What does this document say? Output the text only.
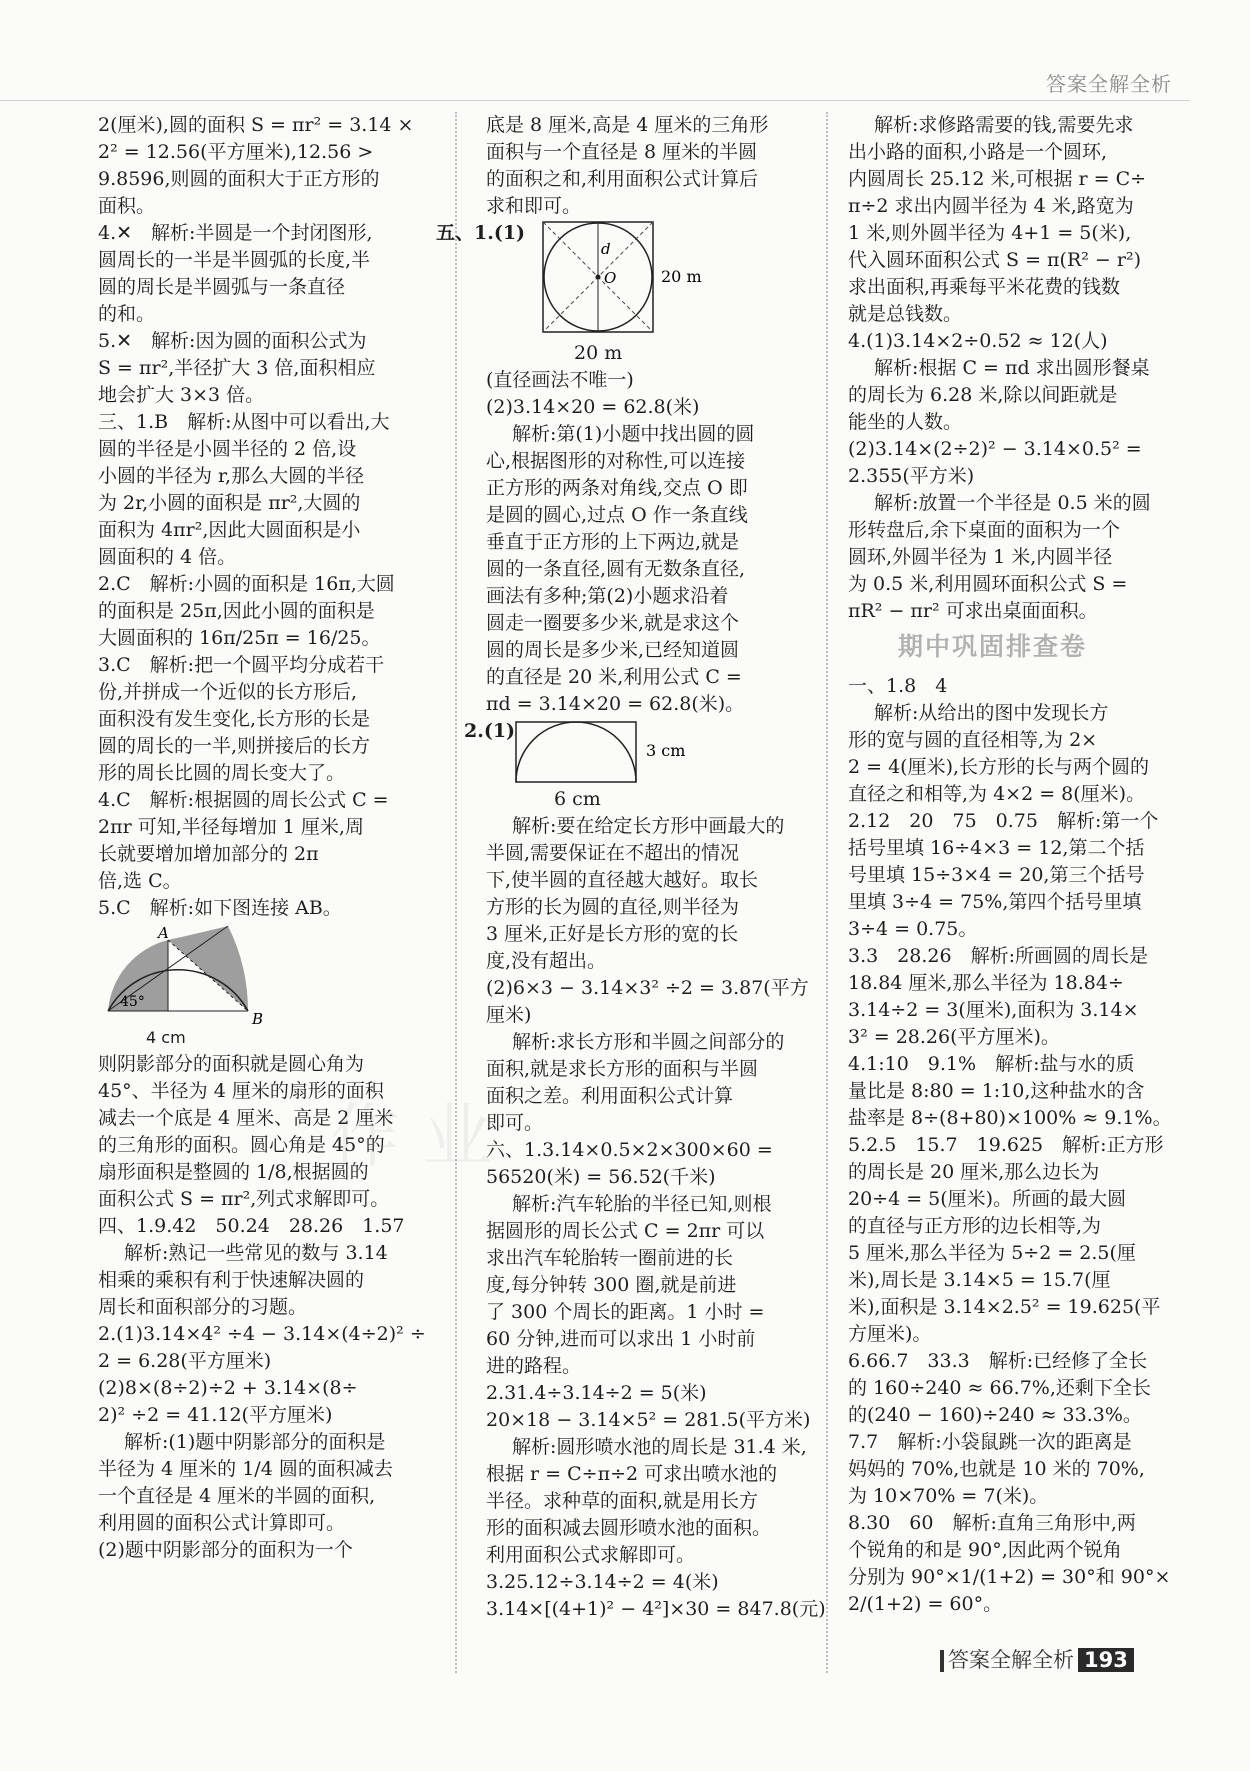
答案全解全析
作 业
2(厘米),圆的面积 S = πr² = 3.14 ×
2² = 12.56(平方厘米),12.56 >
9.8596,则圆的面积大于正方形的
面积。
4.✕　解析:半圆是一个封闭图形,
圆周长的一半是半圆弧的长度,半
圆的周长是半圆弧与一条直径
的和。
5.✕　解析:因为圆的面积公式为
S = πr²,半径扩大 3 倍,面积相应
地会扩大 3×3 倍。
三、1.B　解析:从图中可以看出,大
圆的半径是小圆半径的 2 倍,设
小圆的半径为 r,那么大圆的半径
为 2r,小圆的面积是 πr²,大圆的
面积为 4πr²,因此大圆面积是小
圆面积的 4 倍。
2.C　解析:小圆的面积是 16π,大圆
的面积是 25π,因此小圆的面积是
大圆面积的 16π/25π = 16/25。
3.C　解析:把一个圆平均分成若干
份,并拼成一个近似的长方形后,
面积没有发生变化,长方形的长是
圆的周长的一半,则拼接后的长方
形的周长比圆的周长变大了。
4.C　解析:根据圆的周长公式 C =
2πr 可知,半径每增加 1 厘米,周
长就要增加增加部分的 2π
倍,选 C。
5.C　解析:如下图连接 AB。
A
B
45°
4 cm
则阴影部分的面积就是圆心角为
45°、半径为 4 厘米的扇形的面积
减去一个底是 4 厘米、高是 2 厘米
的三角形的面积。圆心角是 45°的
扇形面积是整圆的 1/8,根据圆的
面积公式 S = πr²,列式求解即可。
四、1.9.42　50.24　28.26　1.57
解析:熟记一些常见的数与 3.14
相乘的乘积有利于快速解决圆的
周长和面积部分的习题。
2.(1)3.14×4² ÷4 − 3.14×(4÷2)² ÷
2 = 6.28(平方厘米)
(2)8×(8÷2)÷2 + 3.14×(8÷
2)² ÷2 = 41.12(平方厘米)
解析:(1)题中阴影部分的面积是
半径为 4 厘米的 1/4 圆的面积减去
一个直径是 4 厘米的半圆的面积,
利用圆的面积公式计算即可。
(2)题中阴影部分的面积为一个
底是 8 厘米,高是 4 厘米的三角形
面积与一个直径是 8 厘米的半圆
的面积之和,利用面积公式计算后
求和即可。
五、1.(1)
d
O	20 m
20 m
(直径画法不唯一)
(2)3.14×20 = 62.8(米)
解析:第(1)小题中找出圆的圆
心,根据图形的对称性,可以连接
正方形的两条对角线,交点 O 即
是圆的圆心,过点 O 作一条直线
垂直于正方形的上下两边,就是
圆的一条直径,圆有无数条直径,
画法有多种;第(2)小题求沿着
圆走一圈要多少米,就是求这个
圆的周长是多少米,已经知道圆
的直径是 20 米,利用公式 C =
πd = 3.14×20 = 62.8(米)。
2.(1)
3 cm
6 cm
解析:要在给定长方形中画最大的
半圆,需要保证在不超出的情况
下,使半圆的直径越大越好。取长
方形的长为圆的直径,则半径为
3 厘米,正好是长方形的宽的长
度,没有超出。
(2)6×3 − 3.14×3² ÷2 = 3.87(平方
厘米)
解析:求长方形和半圆之间部分的
面积,就是求长方形的面积与半圆
面积之差。利用面积公式计算
即可。
六、1.3.14×0.5×2×300×60 =
56520(米) = 56.52(千米)
解析:汽车轮胎的半径已知,则根
据圆形的周长公式 C = 2πr 可以
求出汽车轮胎转一圈前进的长
度,每分钟转 300 圈,就是前进
了 300 个周长的距离。1 小时 =
60 分钟,进而可以求出 1 小时前
进的路程。
2.31.4÷3.14÷2 = 5(米)
20×18 − 3.14×5² = 281.5(平方米)
解析:圆形喷水池的周长是 31.4 米,
根据 r = C÷π÷2 可求出喷水池的
半径。求种草的面积,就是用长方
形的面积减去圆形喷水池的面积。
利用面积公式求解即可。
3.25.12÷3.14÷2 = 4(米)
3.14×[(4+1)² − 4²]×30 = 847.8(元)
解析:求修路需要的钱,需要先求
出小路的面积,小路是一个圆环,
内圆周长 25.12 米,可根据 r = C÷
π÷2 求出内圆半径为 4 米,路宽为
1 米,则外圆半径为 4+1 = 5(米),
代入圆环面积公式 S = π(R² − r²)
求出面积,再乘每平米花费的钱数
就是总钱数。
4.(1)3.14×2÷0.52 ≈ 12(人)
解析:根据 C = πd 求出圆形餐桌
的周长为 6.28 米,除以间距就是
能坐的人数。
(2)3.14×(2÷2)² − 3.14×0.5² =
2.355(平方米)
解析:放置一个半径是 0.5 米的圆
形转盘后,余下桌面的面积为一个
圆环,外圆半径为 1 米,内圆半径
为 0.5 米,利用圆环面积公式 S =
πR² − πr² 可求出桌面面积。
期中巩固排查卷
一、1.8　4
解析:从给出的图中发现长方
形的宽与圆的直径相等,为 2×
2 = 4(厘米),长方形的长与两个圆的
直径之和相等,为 4×2 = 8(厘米)。
2.12　20　75　0.75　解析:第一个
括号里填 16÷4×3 = 12,第二个括
号里填 15÷3×4 = 20,第三个括号
里填 3÷4 = 75%,第四个括号里填
3÷4 = 0.75。
3.3　28.26　解析:所画圆的周长是
18.84 厘米,那么半径为 18.84÷
3.14÷2 = 3(厘米),面积为 3.14×
3² = 28.26(平方厘米)。
4.1:10　9.1%　解析:盐与水的质
量比是 8:80 = 1:10,这种盐水的含
盐率是 8÷(8+80)×100% ≈ 9.1%。
5.2.5　15.7　19.625　解析:正方形
的周长是 20 厘米,那么边长为
20÷4 = 5(厘米)。所画的最大圆
的直径与正方形的边长相等,为
5 厘米,那么半径为 5÷2 = 2.5(厘
米),周长是 3.14×5 = 15.7(厘
米),面积是 3.14×2.5² = 19.625(平
方厘米)。
6.66.7　33.3　解析:已经修了全长
的 160÷240 ≈ 66.7%,还剩下全长
的(240 − 160)÷240 ≈ 33.3%。
7.7　解析:小袋鼠跳一次的距离是
妈妈的 70%,也就是 10 米的 70%,
为 10×70% = 7(米)。
8.30　60　解析:直角三角形中,两
个锐角的和是 90°,因此两个锐角
分别为 90°×1/(1+2) = 30°和 90°×
2/(1+2) = 60°。
答案全解全析 193
